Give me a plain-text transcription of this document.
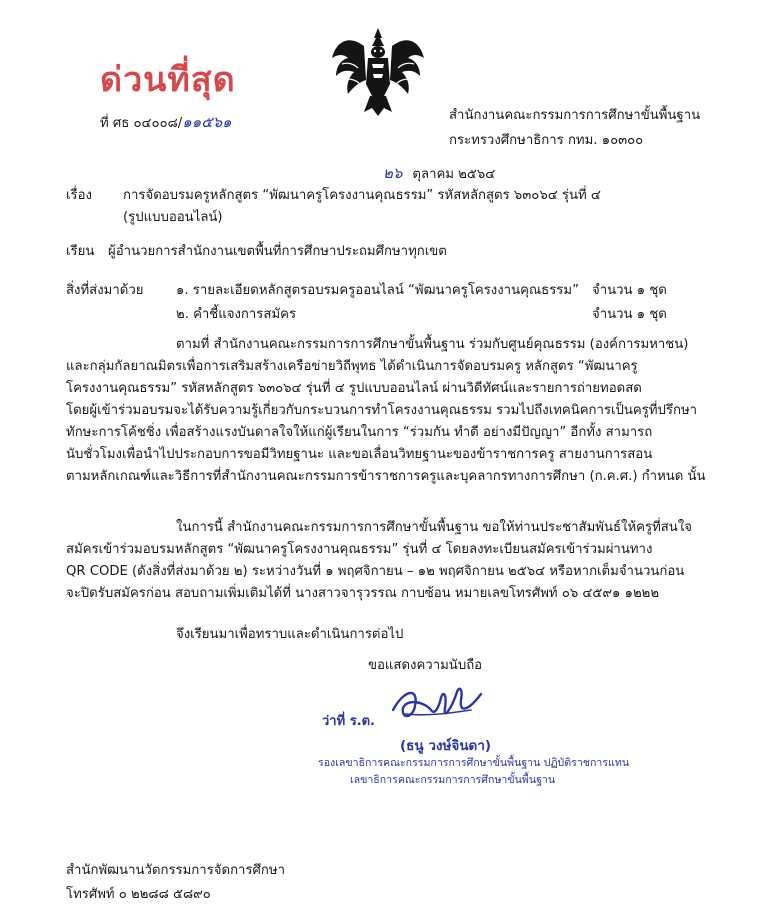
ด่วนที่สุด
ที่ ศธ ๐๔๐๐๘/๑๑๕๖๑	สำนักงานคณะกรรมการการศึกษาขั้นพื้นฐาน
กระทรวงศึกษาธิการ กทม. ๑๐๓๐๐
๒๖ ตุลาคม ๒๕๖๔
เรื่อง การจัดอบรมครูหลักสูตร “พัฒนาครูโครงงานคุณธรรม” รหัสหลักสูตร ๖๓๐๖๔ รุ่นที่ ๔
(รูปแบบออนไลน์)
เรียน ผู้อำนวยการสำนักงานเขตพื้นที่การศึกษาประถมศึกษาทุกเขต
สิ่งที่ส่งมาด้วย ๑. รายละเอียดหลักสูตรอบรมครูออนไลน์ “พัฒนาครูโครงงานคุณธรรม” จำนวน ๑ ชุด
๒. คำชี้แจงการสมัคร	จำนวน ๑ ชุด
ตามที่ สำนักงานคณะกรรมการการศึกษาขั้นพื้นฐาน ร่วมกับศูนย์คุณธรรม (องค์การมหาชน)
และกลุ่มกัลยาณมิตรเพื่อการเสริมสร้างเครือข่ายวิถีพุทธ ได้ดำเนินการจัดอบรมครู หลักสูตร “พัฒนาครู
โครงงานคุณธรรม” รหัสหลักสูตร ๖๓๐๖๔ รุ่นที่ ๔ รูปแบบออนไลน์ ผ่านวิดีทัศน์และรายการถ่ายทอดสด
โดยผู้เข้าร่วมอบรมจะได้รับความรู้เกี่ยวกับกระบวนการทำโครงงานคุณธรรม รวมไปถึงเทคนิคการเป็นครูที่ปรึกษา
ทักษะการโค้ชชิ่ง เพื่อสร้างแรงบันดาลใจให้แก่ผู้เรียนในการ “ร่วมกัน ทำดี อย่างมีปัญญา” อีกทั้ง สามารถ
นับชั่วโมงเพื่อนำไปประกอบการขอมีวิทยฐานะ และขอเลื่อนวิทยฐานะของข้าราชการครู สายงานการสอน
ตามหลักเกณฑ์และวิธีการที่สำนักงานคณะกรรมการข้าราชการครูและบุคลากรทางการศึกษา (ก.ค.ศ.) กำหนด นั้น
ในการนี้ สำนักงานคณะกรรมการการศึกษาขั้นพื้นฐาน ขอให้ท่านประชาสัมพันธ์ให้ครูที่สนใจ
สมัครเข้าร่วมอบรมหลักสูตร “พัฒนาครูโครงงานคุณธรรม” รุ่นที่ ๔ โดยลงทะเบียนสมัครเข้าร่วมผ่านทาง
QR CODE (ดังสิ่งที่ส่งมาด้วย ๒) ระหว่างวันที่ ๑ พฤศจิกายน – ๑๒ พฤศจิกายน ๒๕๖๔ หรือหากเต็มจำนวนก่อน
จะปิดรับสมัครก่อน สอบถามเพิ่มเติมได้ที่ นางสาวจารุวรรณ กาบซ้อน หมายเลขโทรศัพท์ ๐๖ ๔๕๙๑ ๑๒๒๒
จึงเรียนมาเพื่อทราบและดำเนินการต่อไป
ขอแสดงความนับถือ
ว่าที่ ร.ต.
(ธนู วงษ์จินดา)
รองเลขาธิการคณะกรรมการการศึกษาขั้นพื้นฐาน ปฏิบัติราชการแทน
เลขาธิการคณะกรรมการการศึกษาขั้นพื้นฐาน
สำนักพัฒนานวัตกรรมการจัดการศึกษา
โทรศัพท์ ๐ ๒๒๘๘ ๕๘๙๐
